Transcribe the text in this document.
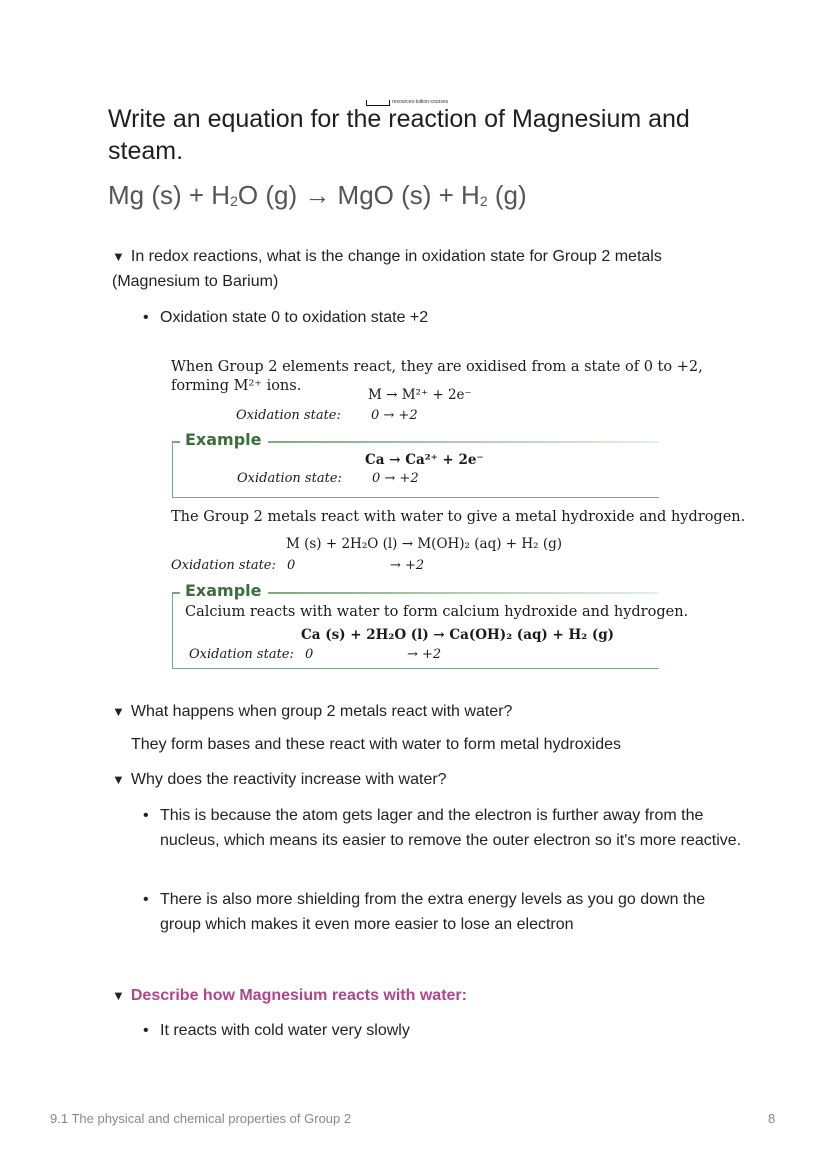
resources-tuition-courses
Write an equation for the reaction of Magnesium and steam.
Mg $(s) + H_2O$ (g) → MgO $(s) + H_2$ (g)
▼ In redox reactions, what is the change in oxidation state for Group 2 metals (Magnesium to Barium)
• Oxidation state 0 to oxidation state +2
When Group 2 elements react, they are oxidised from a state of 0 to +2,
forming M²⁺ ions.
M → M²⁺ + 2e⁻
Oxidation state: 0 → +2
Example
Ca → Ca²⁺ + 2e⁻
Oxidation state: 0 → +2
The Group 2 metals react with water to give a metal hydroxide and hydrogen.
M (s) + 2H₂O (l) → M(OH)₂ (aq) + H₂ (g)
Oxidation state: 0	→ +2
Example
Calcium reacts with water to form calcium hydroxide and hydrogen.
Ca (s) + 2H₂O (l) → Ca(OH)₂ (aq) + H₂ (g)
Oxidation state: 0	→ +2
▼ What happens when group 2 metals react with water?
They form bases and these react with water to form metal hydroxides
▼ Why does the reactivity increase with water?
• This is because the atom gets lager and the electron is further away from the nucleus, which means its easier to remove the outer electron so it's more reactive.
• There is also more shielding from the extra energy levels as you go down the group which makes it even more easier to lose an electron
▼ Describe how Magnesium reacts with water:
• It reacts with cold water very slowly
9.1 The physical and chemical properties of Group 2	8
